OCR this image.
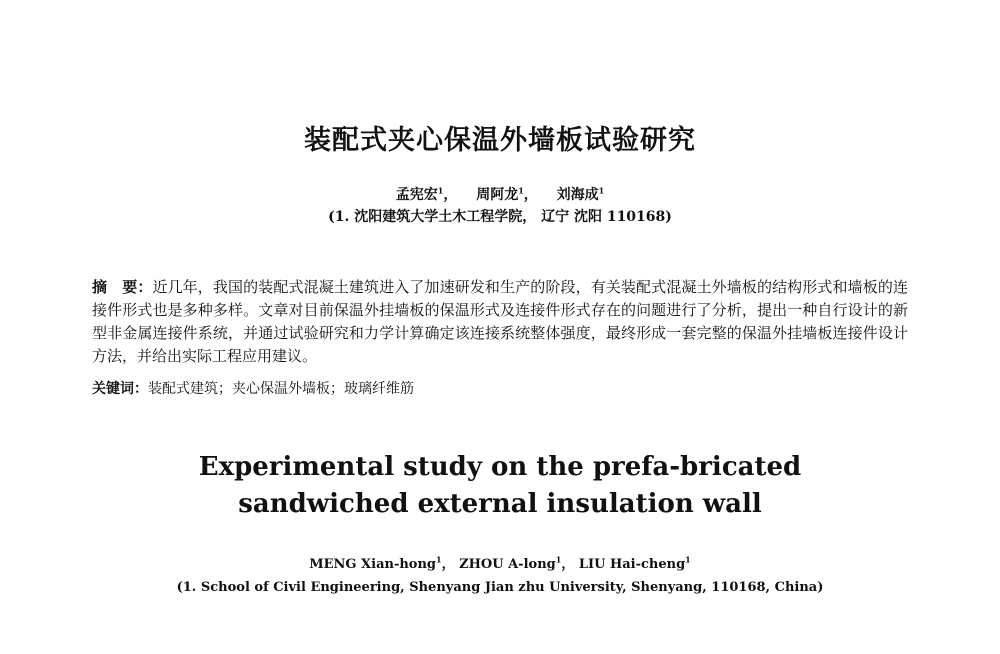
装配式夹心保温外墙板试验研究
孟宪宏$^1$， 周阿龙$^1$， 刘海成$^1$
(1. 沈阳建筑大学土木工程学院， 辽宁 沈阳 110168)
摘　要：近几年，我国的装配式混凝土建筑进入了加速研发和生产的阶段，有关装配式混凝土外墙板的结构形式和墙板的连接件形式也是多种多样。文章对目前保温外挂墙板的保温形式及连接件形式存在的问题进行了分析，提出一种自行设计的新型非金属连接件系统，并通过试验研究和力学计算确定该连接系统整体强度，最终形成一套完整的保温外挂墙板连接件设计方法，并给出实际工程应用建议。
关键词：装配式建筑；夹心保温外墙板；玻璃纤维筋
Experimental study on the prefa-bricated
sandwiched external insulation wall
MENG Xian-hong$^1$， ZHOU A-long$^1$， LIU Hai-cheng$^1$
(1. School of Civil Engineering, Shenyang Jian zhu University, Shenyang, 110168, China)
